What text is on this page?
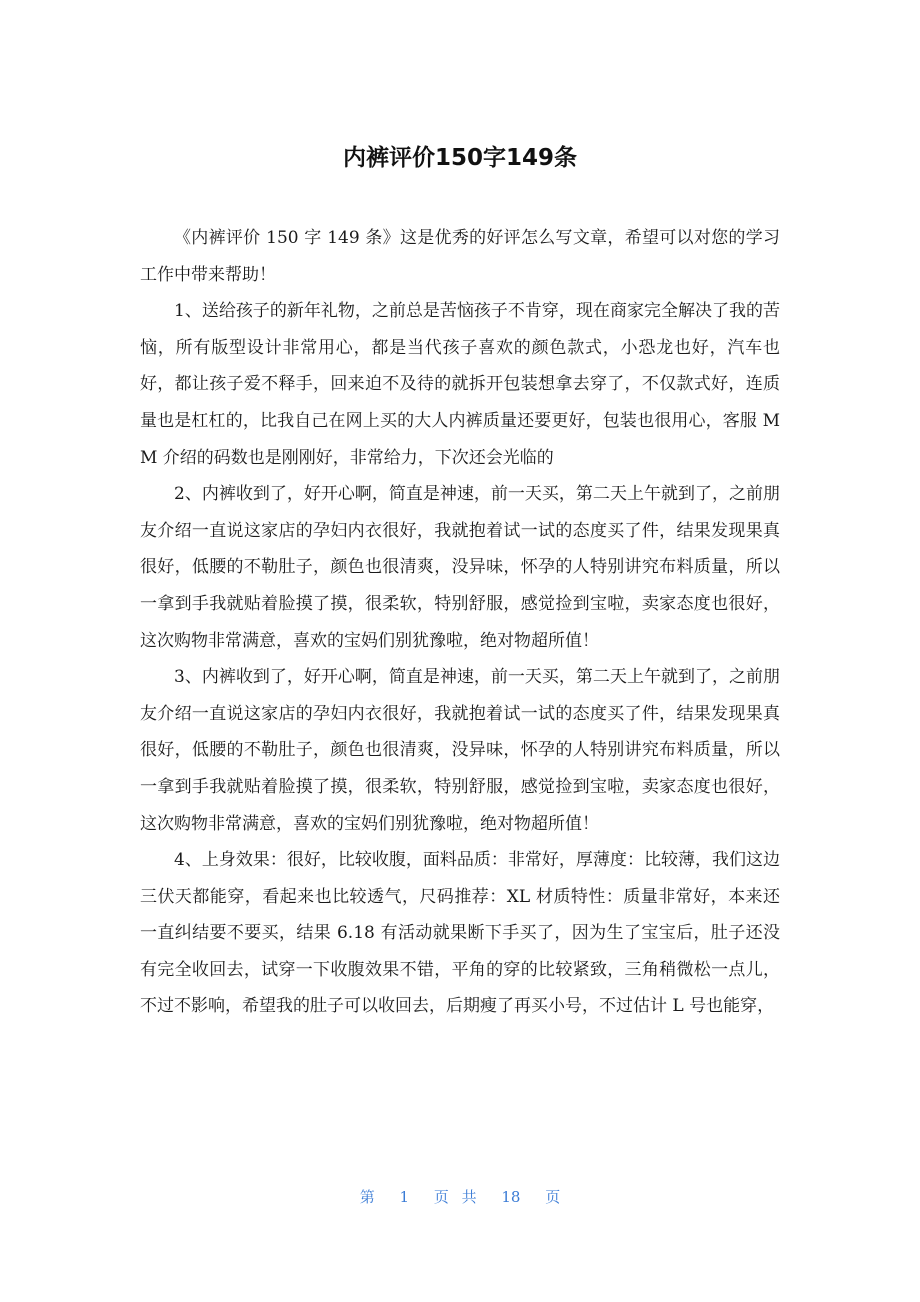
内裤评价150字149条

《内裤评价 150 字 149 条》这是优秀的好评怎么写文章，希望可以对您的学习工作中带来帮助！

1、送给孩子的新年礼物，之前总是苦恼孩子不肯穿，现在商家完全解决了我的苦恼，所有版型设计非常用心，都是当代孩子喜欢的颜色款式，小恐龙也好，汽车也好，都让孩子爱不释手，回来迫不及待的就拆开包装想拿去穿了，不仅款式好，连质量也是杠杠的，比我自己在网上买的大人内裤质量还要更好，包装也很用心，客服 MM 介绍的码数也是刚刚好，非常给力，下次还会光临的

2、内裤收到了，好开心啊，简直是神速，前一天买，第二天上午就到了，之前朋友介绍一直说这家店的孕妇内衣很好，我就抱着试一试的态度买了件，结果发现果真很好，低腰的不勒肚子，颜色也很清爽，没异味，怀孕的人特别讲究布料质量，所以一拿到手我就贴着脸摸了摸，很柔软，特别舒服，感觉捡到宝啦，卖家态度也很好，这次购物非常满意，喜欢的宝妈们别犹豫啦，绝对物超所值！

3、内裤收到了，好开心啊，简直是神速，前一天买，第二天上午就到了，之前朋友介绍一直说这家店的孕妇内衣很好，我就抱着试一试的态度买了件，结果发现果真很好，低腰的不勒肚子，颜色也很清爽，没异味，怀孕的人特别讲究布料质量，所以一拿到手我就贴着脸摸了摸，很柔软，特别舒服，感觉捡到宝啦，卖家态度也很好，这次购物非常满意，喜欢的宝妈们别犹豫啦，绝对物超所值！

4、上身效果：很好，比较收腹，面料品质：非常好，厚薄度：比较薄，我们这边三伏天都能穿，看起来也比较透气，尺码推荐：XL 材质特性：质量非常好，本来还一直纠结要不要买，结果 6.18 有活动就果断下手买了，因为生了宝宝后，肚子还没有完全收回去，试穿一下收腹效果不错，平角的穿的比较紧致，三角稍微松一点儿，不过不影响，希望我的肚子可以收回去，后期瘦了再买小号，不过估计 L 号也能穿，

第 1 页 共 18 页
